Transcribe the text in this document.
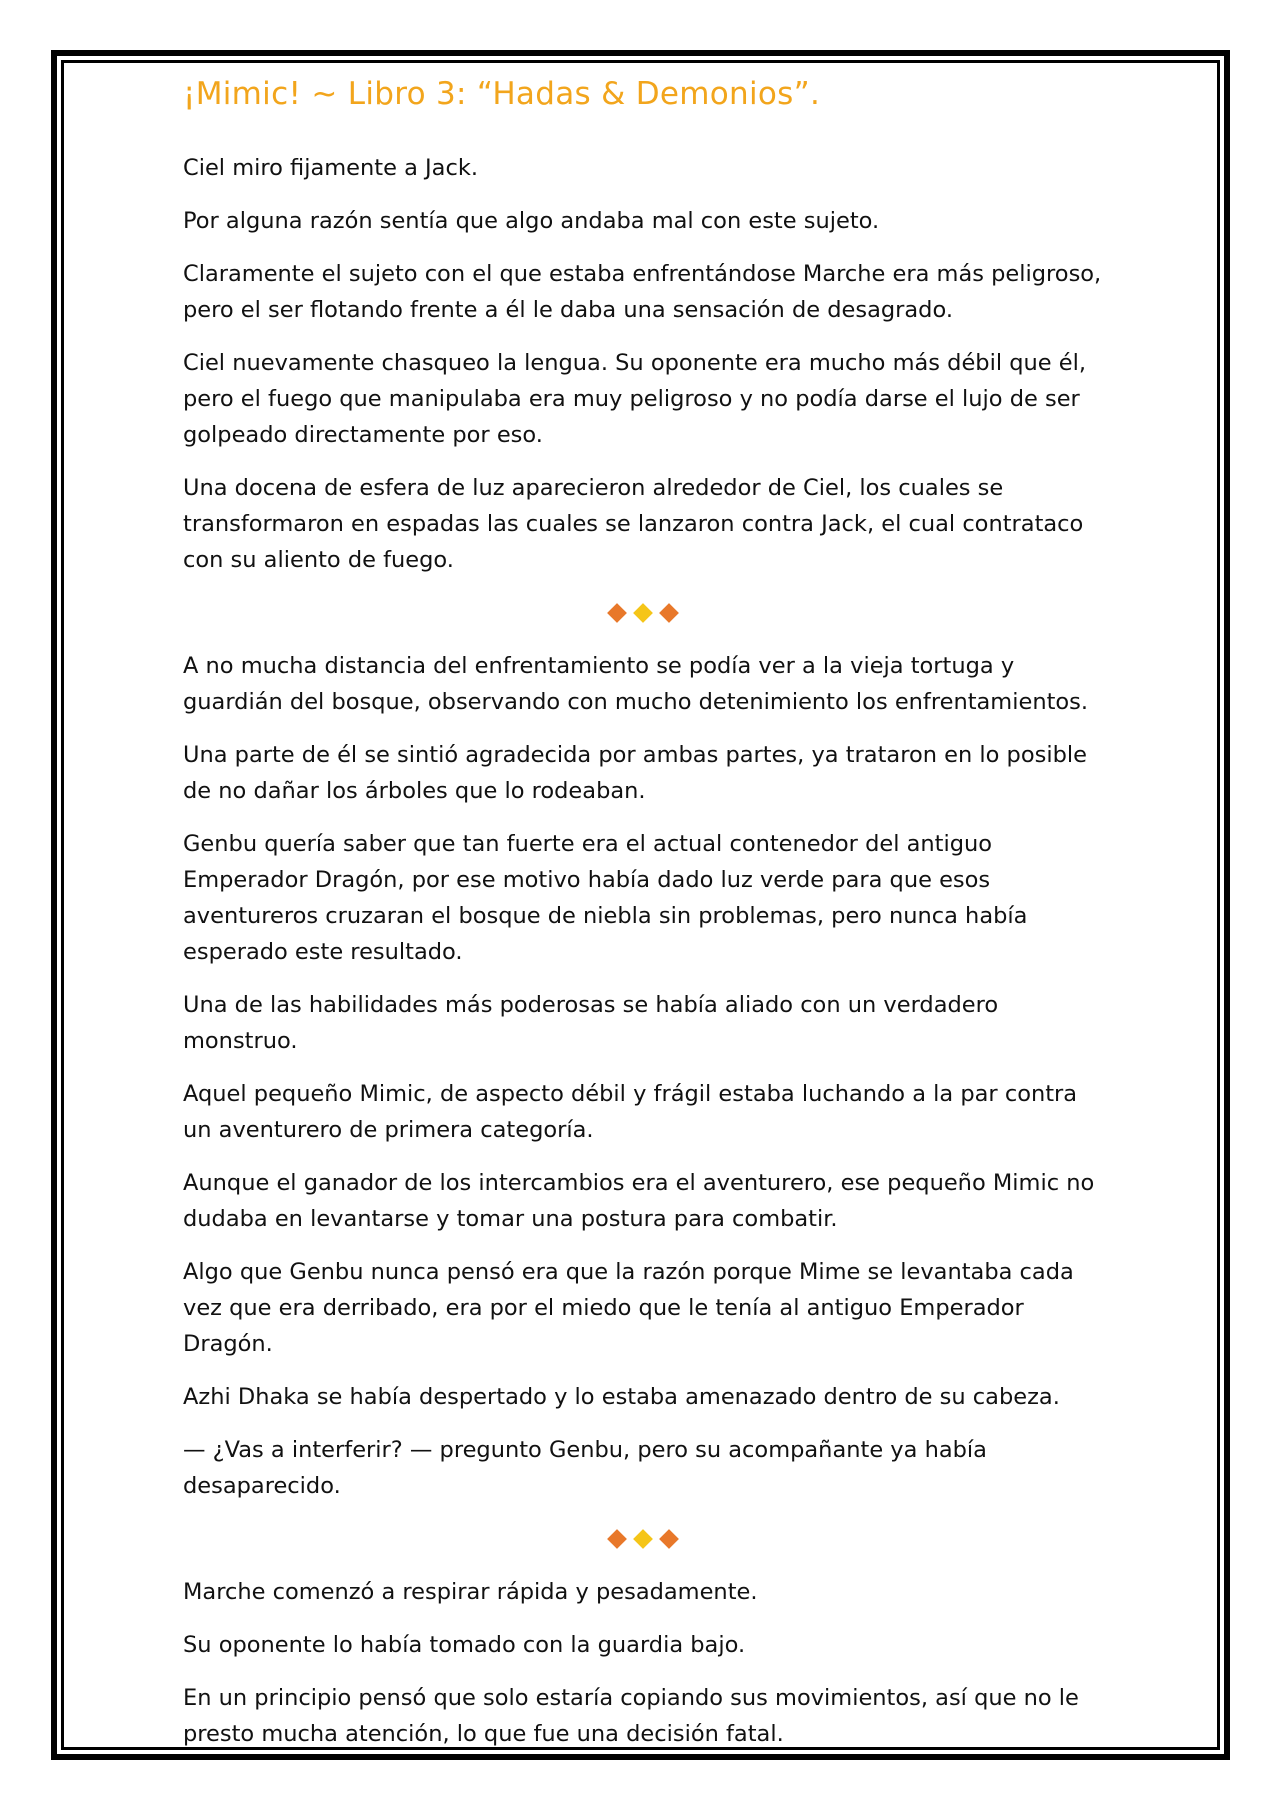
¡Mimic! ~ Libro 3: “Hadas & Demonios”.

Ciel miro fijamente a Jack.

Por alguna razón sentía que algo andaba mal con este sujeto.

Claramente el sujeto con el que estaba enfrentándose Marche era más peligroso, pero el ser flotando frente a él le daba una sensación de desagrado.

Ciel nuevamente chasqueo la lengua. Su oponente era mucho más débil que él, pero el fuego que manipulaba era muy peligroso y no podía darse el lujo de ser golpeado directamente por eso.

Una docena de esfera de luz aparecieron alrededor de Ciel, los cuales se transformaron en espadas las cuales se lanzaron contra Jack, el cual contrataco con su aliento de fuego.

A no mucha distancia del enfrentamiento se podía ver a la vieja tortuga y guardián del bosque, observando con mucho detenimiento los enfrentamientos.

Una parte de él se sintió agradecida por ambas partes, ya trataron en lo posible de no dañar los árboles que lo rodeaban.

Genbu quería saber que tan fuerte era el actual contenedor del antiguo Emperador Dragón, por ese motivo había dado luz verde para que esos aventureros cruzaran el bosque de niebla sin problemas, pero nunca había esperado este resultado.

Una de las habilidades más poderosas se había aliado con un verdadero monstruo.

Aquel pequeño Mimic, de aspecto débil y frágil estaba luchando a la par contra un aventurero de primera categoría.

Aunque el ganador de los intercambios era el aventurero, ese pequeño Mimic no dudaba en levantarse y tomar una postura para combatir.

Algo que Genbu nunca pensó era que la razón porque Mime se levantaba cada vez que era derribado, era por el miedo que le tenía al antiguo Emperador Dragón.

Azhi Dhaka se había despertado y lo estaba amenazado dentro de su cabeza.

— ¿Vas a interferir? — pregunto Genbu, pero su acompañante ya había desaparecido.

Marche comenzó a respirar rápida y pesadamente.

Su oponente lo había tomado con la guardia bajo.

En un principio pensó que solo estaría copiando sus movimientos, así que no le presto mucha atención, lo que fue una decisión fatal.
